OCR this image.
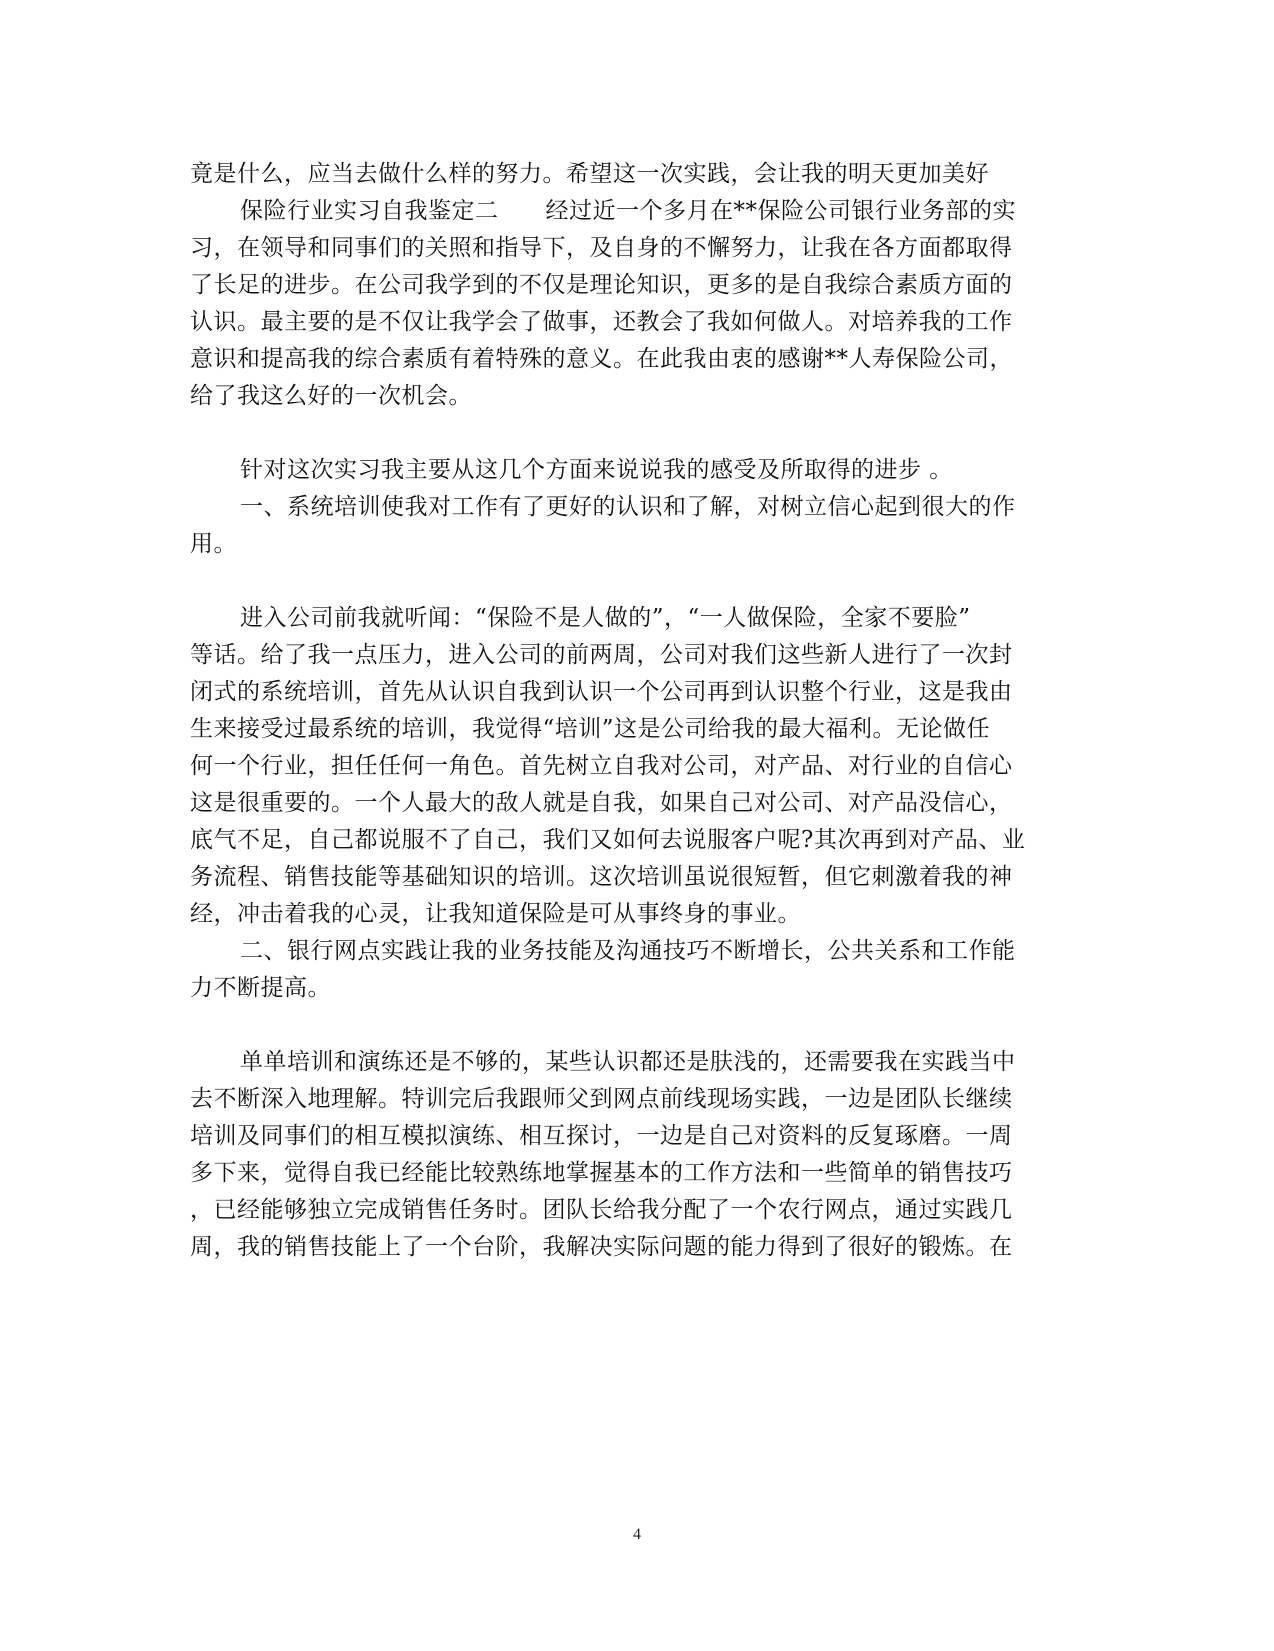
竟是什么，应当去做什么样的努力。希望这一次实践，会让我的明天更加美好
保险行业实习自我鉴定二　　经过近一个多月在**保险公司银行业务部的实
习，在领导和同事们的关照和指导下，及自身的不懈努力，让我在各方面都取得
了长足的进步。在公司我学到的不仅是理论知识，更多的是自我综合素质方面的
认识。最主要的是不仅让我学会了做事，还教会了我如何做人。对培养我的工作
意识和提高我的综合素质有着特殊的意义。在此我由衷的感谢**人寿保险公司，
给了我这么好的一次机会。
针对这次实习我主要从这几个方面来说说我的感受及所取得的进步 。
一、系统培训使我对工作有了更好的认识和了解，对树立信心起到很大的作
用。
进入公司前我就听闻：“保险不是人做的”，“一人做保险，全家不要脸”
等话。给了我一点压力，进入公司的前两周，公司对我们这些新人进行了一次封
闭式的系统培训，首先从认识自我到认识一个公司再到认识整个行业，这是我由
生来接受过最系统的培训，我觉得“培训”这是公司给我的最大福利。无论做任
何一个行业，担任任何一角色。首先树立自我对公司，对产品、对行业的自信心
这是很重要的。一个人最大的敌人就是自我，如果自己对公司、对产品没信心，
底气不足，自己都说服不了自己，我们又如何去说服客户呢?其次再到对产品、业
务流程、销售技能等基础知识的培训。这次培训虽说很短暂，但它刺激着我的神
经，冲击着我的心灵，让我知道保险是可从事终身的事业。
二、银行网点实践让我的业务技能及沟通技巧不断增长，公共关系和工作能
力不断提高。
单单培训和演练还是不够的，某些认识都还是肤浅的，还需要我在实践当中
去不断深入地理解。特训完后我跟师父到网点前线现场实践，一边是团队长继续
培训及同事们的相互模拟演练、相互探讨，一边是自己对资料的反复琢磨。一周
多下来，觉得自我已经能比较熟练地掌握基本的工作方法和一些简单的销售技巧
，已经能够独立完成销售任务时。团队长给我分配了一个农行网点，通过实践几
周，我的销售技能上了一个台阶，我解决实际问题的能力得到了很好的锻炼。在
4
